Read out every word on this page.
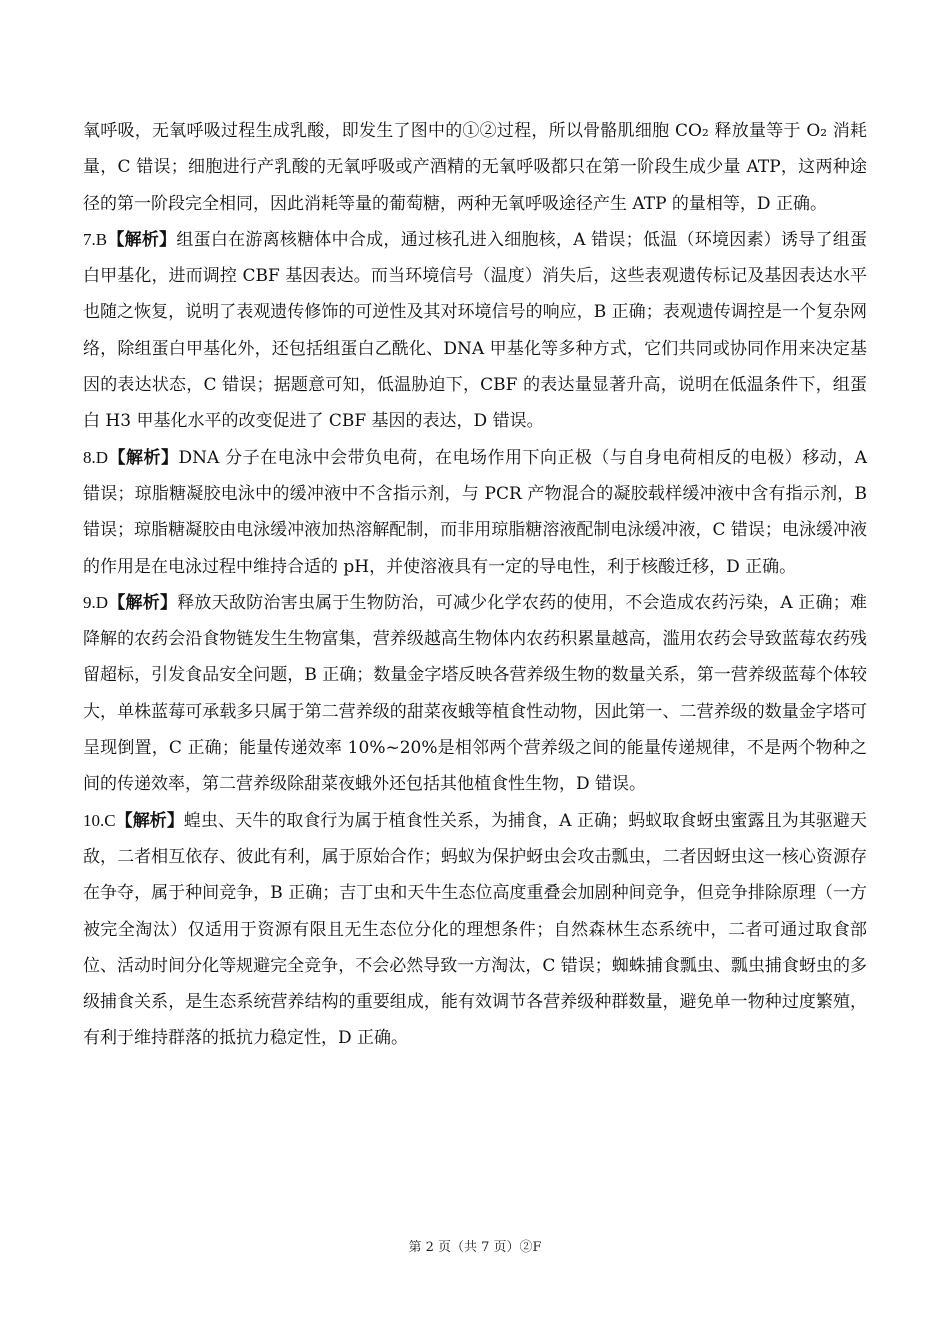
氧呼吸，无氧呼吸过程生成乳酸，即发生了图中的①②过程，所以骨骼肌细胞 CO₂ 释放量等于 O₂ 消耗量，C 错误；细胞进行产乳酸的无氧呼吸或产酒精的无氧呼吸都只在第一阶段生成少量 ATP，这两种途径的第一阶段完全相同，因此消耗等量的葡萄糖，两种无氧呼吸途径产生 ATP 的量相等，D 正确。

7.B【解析】组蛋白在游离核糖体中合成，通过核孔进入细胞核，A 错误；低温（环境因素）诱导了组蛋白甲基化，进而调控 CBF 基因表达。而当环境信号（温度）消失后，这些表观遗传标记及基因表达水平也随之恢复，说明了表观遗传修饰的可逆性及其对环境信号的响应，B 正确；表观遗传调控是一个复杂网络，除组蛋白甲基化外，还包括组蛋白乙酰化、DNA 甲基化等多种方式，它们共同或协同作用来决定基因的表达状态，C 错误；据题意可知，低温胁迫下，CBF 的表达量显著升高，说明在低温条件下，组蛋白 H3 甲基化水平的改变促进了 CBF 基因的表达，D 错误。

8.D【解析】DNA 分子在电泳中会带负电荷，在电场作用下向正极（与自身电荷相反的电极）移动，A 错误；琼脂糖凝胶电泳中的缓冲液中不含指示剂，与 PCR 产物混合的凝胶载样缓冲液中含有指示剂，B 错误；琼脂糖凝胶由电泳缓冲液加热溶解配制，而非用琼脂糖溶液配制电泳缓冲液，C 错误；电泳缓冲液的作用是在电泳过程中维持合适的 pH，并使溶液具有一定的导电性，利于核酸迁移，D 正确。

9.D【解析】释放天敌防治害虫属于生物防治，可减少化学农药的使用，不会造成农药污染，A 正确；难降解的农药会沿食物链发生生物富集，营养级越高生物体内农药积累量越高，滥用农药会导致蓝莓农药残留超标，引发食品安全问题，B 正确；数量金字塔反映各营养级生物的数量关系，第一营养级蓝莓个体较大，单株蓝莓可承载多只属于第二营养级的甜菜夜蛾等植食性动物，因此第一、二营养级的数量金字塔可呈现倒置，C 正确；能量传递效率 10%~20%是相邻两个营养级之间的能量传递规律，不是两个物种之间的传递效率，第二营养级除甜菜夜蛾外还包括其他植食性生物，D 错误。

10.C【解析】蝗虫、天牛的取食行为属于植食性关系，为捕食，A 正确；蚂蚁取食蚜虫蜜露且为其驱避天敌，二者相互依存、彼此有利，属于原始合作；蚂蚁为保护蚜虫会攻击瓢虫，二者因蚜虫这一核心资源存在争夺，属于种间竞争，B 正确；吉丁虫和天牛生态位高度重叠会加剧种间竞争，但竞争排除原理（一方被完全淘汰）仅适用于资源有限且无生态位分化的理想条件；自然森林生态系统中，二者可通过取食部位、活动时间分化等规避完全竞争，不会必然导致一方淘汰，C 错误；蜘蛛捕食瓢虫、瓢虫捕食蚜虫的多级捕食关系，是生态系统营养结构的重要组成，能有效调节各营养级种群数量，避免单一物种过度繁殖，有利于维持群落的抵抗力稳定性，D 正确。

第 2 页（共 7 页）②F
